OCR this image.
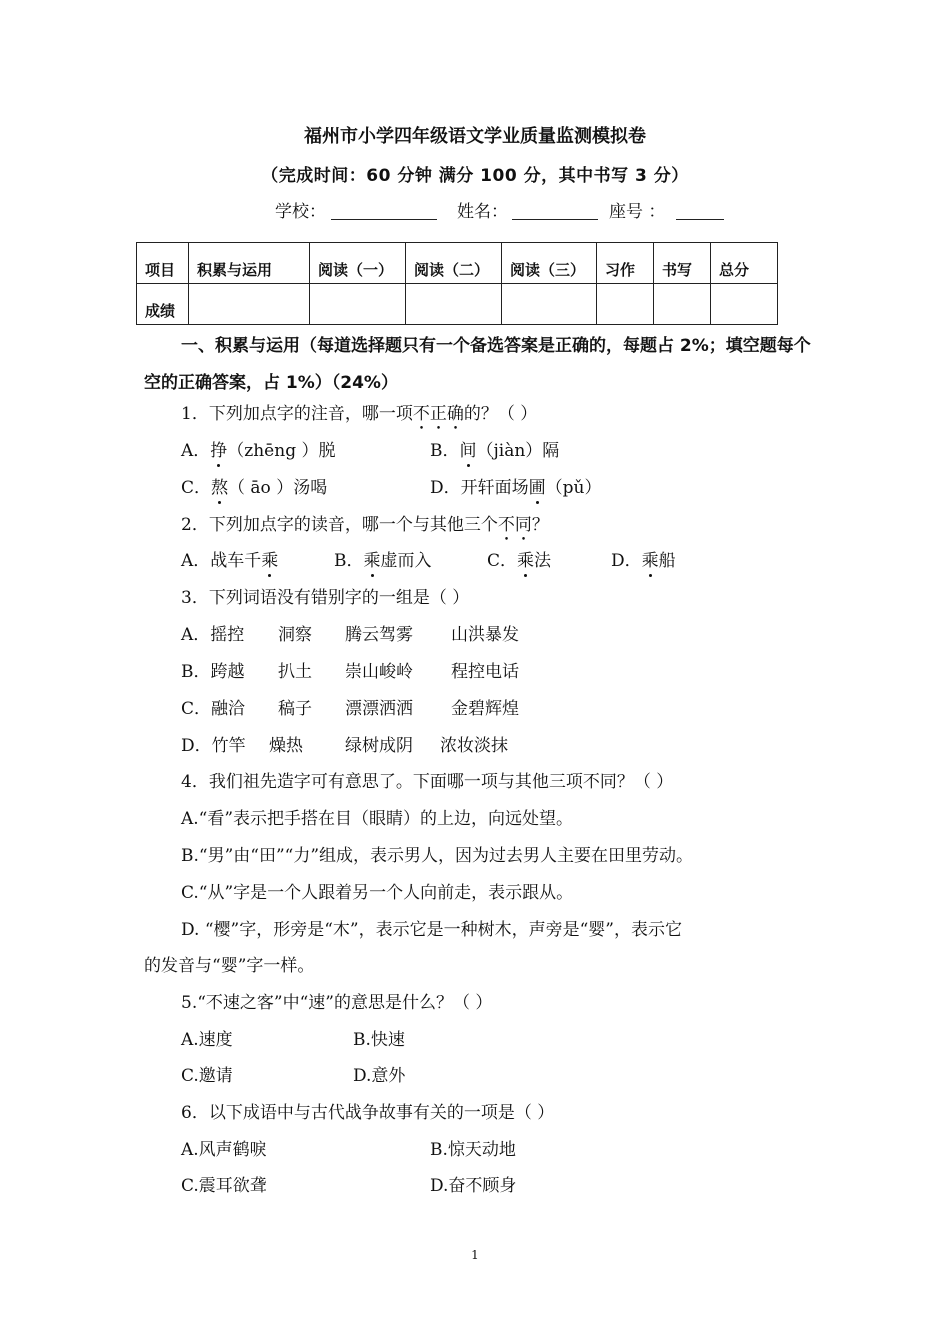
福州市小学四年级语文学业质量监测模拟卷
（完成时间：60 分钟 满分 100 分，其中书写 3 分）
学校：	姓名：	座号 ：
项目	积累与运用	阅读（一）	阅读（二）	阅读（三）	习作	书写	总分
成绩							
一、积累与运用（每道选择题只有一个备选答案是正确的，每题占 2%；填空题每个空的正确答案，占 1%）（24%）
1．下列加点字的注音，哪一项不正确的？（ ）
A．挣（zhēng ）脱	B．间（jiàn）隔
C．熬（ āo ）汤喝	D．开轩面场圃（pǔ）
2．下列加点字的读音，哪一个与其他三个不同？
A．战车千乘	B．乘虚而入	C．乘法	D．乘船
3．下列词语没有错别字的一组是（ ）
A．摇控 洞察 腾云驾雾 山洪暴发
B．跨越 扒土 崇山峻岭 程控电话
C．融洽 稿子 漂漂洒洒 金碧辉煌
D．竹竿 燥热 绿树成阴 浓妆淡抹
4．我们祖先造字可有意思了。下面哪一项与其他三项不同？（ ）
A.“看”表示把手搭在目（眼睛）的上边，向远处望。
B.“男”由“田”“力”组成，表示男人，因为过去男人主要在田里劳动。
C.“从”字是一个人跟着另一个人向前走，表示跟从。
D. “樱”字，形旁是“木”，表示它是一种树木，声旁是“婴”，表示它
的发音与“婴”字一样。
5.“不速之客”中“速”的意思是什么？（ ）
A.速度	B.快速
C.邀请	D.意外
6．以下成语中与古代战争故事有关的一项是（ ）
A.风声鹤唳	B.惊天动地
C.震耳欲聋	D.奋不顾身
1
